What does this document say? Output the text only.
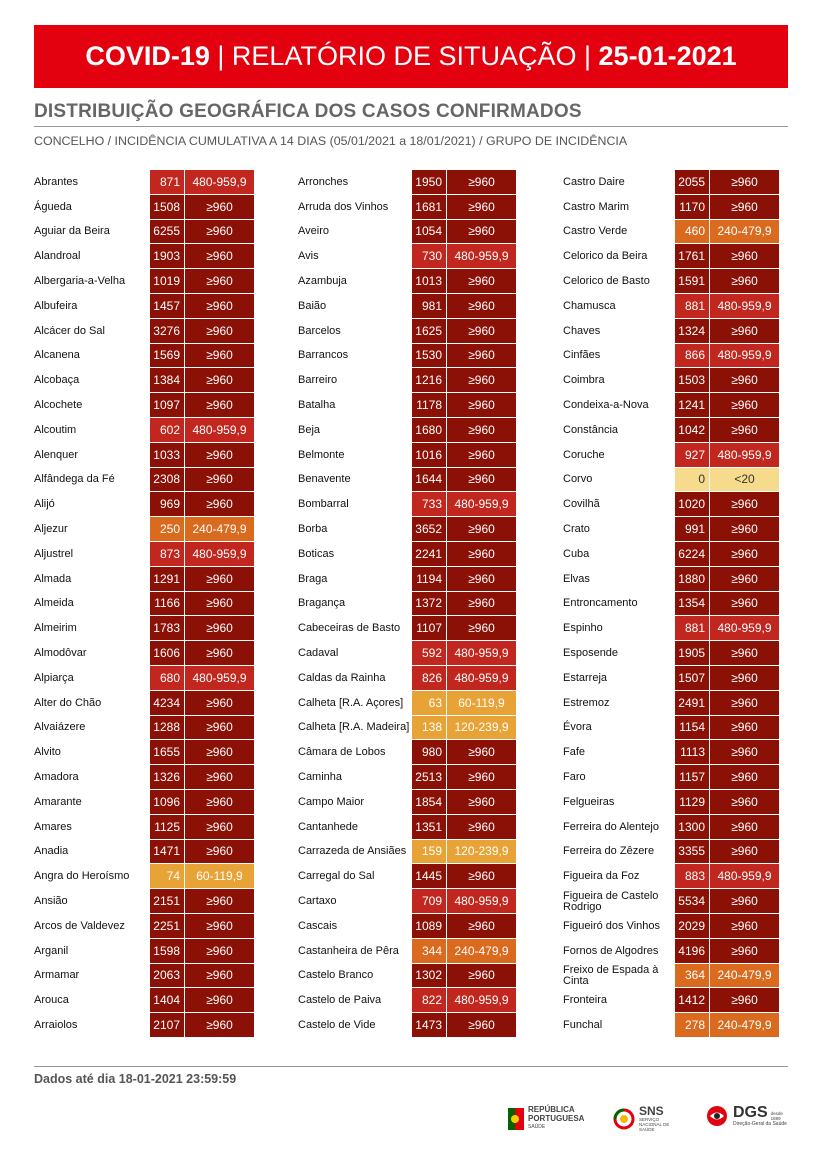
COVID-19 | RELATÓRIO DE SITUAÇÃO | 25-01-2021
DISTRIBUIÇÃO GEOGRÁFICA DOS CASOS CONFIRMADOS
CONCELHO / INCIDÊNCIA CUMULATIVA A 14 DIAS (05/01/2021 a 18/01/2021) / GRUPO DE INCIDÊNCIA
Abrantes	871	480-959,9
Águeda	1508	≥960
Aguiar da Beira	6255	≥960
Alandroal	1903	≥960
Albergaria-a-Velha	1019	≥960
Albufeira	1457	≥960
Alcácer do Sal	3276	≥960
Alcanena	1569	≥960
Alcobaça	1384	≥960
Alcochete	1097	≥960
Alcoutim	602	480-959,9
Alenquer	1033	≥960
Alfândega da Fé	2308	≥960
Alijó	969	≥960
Aljezur	250	240-479,9
Aljustrel	873	480-959,9
Almada	1291	≥960
Almeida	1166	≥960
Almeirim	1783	≥960
Almodôvar	1606	≥960
Alpiarça	680	480-959,9
Alter do Chão	4234	≥960
Alvaiázere	1288	≥960
Alvito	1655	≥960
Amadora	1326	≥960
Amarante	1096	≥960
Amares	1125	≥960
Anadia	1471	≥960
Angra do Heroísmo	74	60-119,9
Ansião	2151	≥960
Arcos de Valdevez	2251	≥960
Arganil	1598	≥960
Armamar	2063	≥960
Arouca	1404	≥960
Arraiolos	2107	≥960
Arronches	1950	≥960
Arruda dos Vinhos	1681	≥960
Aveiro	1054	≥960
Avis	730	480-959,9
Azambuja	1013	≥960
Baião	981	≥960
Barcelos	1625	≥960
Barrancos	1530	≥960
Barreiro	1216	≥960
Batalha	1178	≥960
Beja	1680	≥960
Belmonte	1016	≥960
Benavente	1644	≥960
Bombarral	733	480-959,9
Borba	3652	≥960
Boticas	2241	≥960
Braga	1194	≥960
Bragança	1372	≥960
Cabeceiras de Basto	1107	≥960
Cadaval	592	480-959,9
Caldas da Rainha	826	480-959,9
Calheta [R.A. Açores]	63	60-119,9
Calheta [R.A. Madeira]	138	120-239,9
Câmara de Lobos	980	≥960
Caminha	2513	≥960
Campo Maior	1854	≥960
Cantanhede	1351	≥960
Carrazeda de Ansiães	159	120-239,9
Carregal do Sal	1445	≥960
Cartaxo	709	480-959,9
Cascais	1089	≥960
Castanheira de Pêra	344	240-479,9
Castelo Branco	1302	≥960
Castelo de Paiva	822	480-959,9
Castelo de Vide	1473	≥960
Castro Daire	2055	≥960
Castro Marim	1170	≥960
Castro Verde	460	240-479,9
Celorico da Beira	1761	≥960
Celorico de Basto	1591	≥960
Chamusca	881	480-959,9
Chaves	1324	≥960
Cinfães	866	480-959,9
Coimbra	1503	≥960
Condeixa-a-Nova	1241	≥960
Constância	1042	≥960
Coruche	927	480-959,9
Corvo	0	<20
Covilhã	1020	≥960
Crato	991	≥960
Cuba	6224	≥960
Elvas	1880	≥960
Entroncamento	1354	≥960
Espinho	881	480-959,9
Esposende	1905	≥960
Estarreja	1507	≥960
Estremoz	2491	≥960
Évora	1154	≥960
Fafe	1113	≥960
Faro	1157	≥960
Felgueiras	1129	≥960
Ferreira do Alentejo	1300	≥960
Ferreira do Zêzere	3355	≥960
Figueira da Foz	883	480-959,9
Figueira de Castelo Rodrigo	5534	≥960
Figueiró dos Vinhos	2029	≥960
Fornos de Algodres	4196	≥960
Freixo de Espada à Cinta	364	240-479,9
Fronteira	1412	≥960
Funchal	278	240-479,9
Dados até dia 18-01-2021 23:59:59
REPÚBLICA
PORTUGUESA
SAÚDE
SNS
SERVIÇO NACIONAL DE SAÚDE
DGS desde 1899
Direção-Geral da Saúde
